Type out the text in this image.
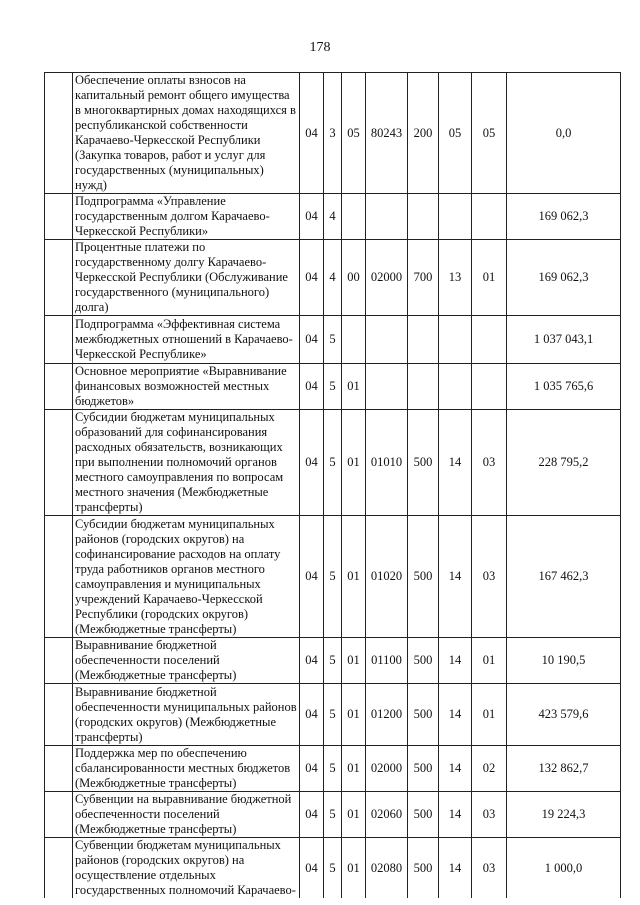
178
	Обеспечение оплаты взносов на капитальный ремонт общего имущества в многоквартирных домах находящихся в республиканской собственности Карачаево-Черкесской Республики (Закупка товаров, работ и услуг для государственных (муниципальных) нужд)	04	3	05	80243	200	05	05	0,0
	Подпрограмма «Управление государственным долгом Карачаево-Черкесской Республики»	04	4						169 062,3
	Процентные платежи по государственному долгу Карачаево-Черкесской Республики (Обслуживание государственного (муниципального) долга)	04	4	00	02000	700	13	01	169 062,3
	Подпрограмма «Эффективная система межбюджетных отношений в Карачаево-Черкесской Республике»	04	5						1 037 043,1
	Основное мероприятие «Выравнивание финансовых возможностей местных бюджетов»	04	5	01					1 035 765,6
	Субсидии бюджетам муниципальных образований для софинансирования расходных обязательств, возникающих при выполнении полномочий органов местного самоуправления по вопросам местного значения (Межбюджетные трансферты)	04	5	01	01010	500	14	03	228 795,2
	Субсидии бюджетам муниципальных районов (городских округов) на софинансирование расходов на оплату труда работников органов местного самоуправления и муниципальных учреждений Карачаево-Черкесской Республики (городских округов) (Межбюджетные трансферты)	04	5	01	01020	500	14	03	167 462,3
	Выравнивание бюджетной обеспеченности поселений (Межбюджетные трансферты)	04	5	01	01100	500	14	01	10 190,5
	Выравнивание бюджетной обеспеченности муниципальных районов (городских округов) (Межбюджетные трансферты)	04	5	01	01200	500	14	01	423 579,6
	Поддержка мер по обеспечению сбалансированности местных бюджетов (Межбюджетные трансферты)	04	5	01	02000	500	14	02	132 862,7
	Субвенции на выравнивание бюджетной обеспеченности поселений (Межбюджетные трансферты)	04	5	01	02060	500	14	03	19 224,3
	Субвенции бюджетам муниципальных районов (городских округов) на осуществление отдельных государственных полномочий Карачаево-	04	5	01	02080	500	14	03	1 000,0
